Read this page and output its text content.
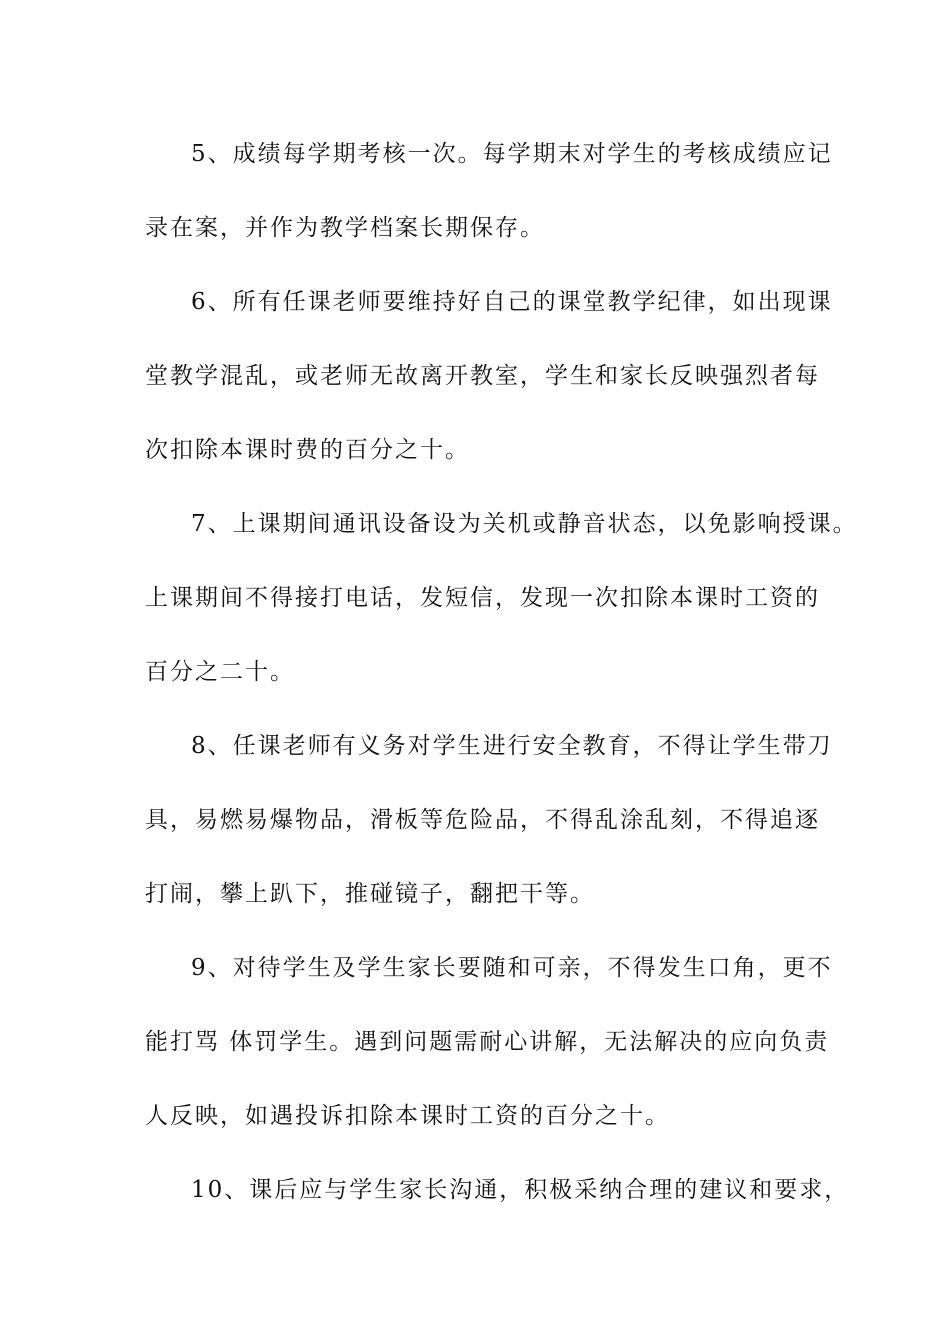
5、成绩每学期考核一次。每学期末对学生的考核成绩应记
录在案，并作为教学档案长期保存。
6、所有任课老师要维持好自己的课堂教学纪律，如出现课
堂教学混乱，或老师无故离开教室，学生和家长反映强烈者每
次扣除本课时费的百分之十。
7、上课期间通讯设备设为关机或静音状态，以免影响授课。
上课期间不得接打电话，发短信，发现一次扣除本课时工资的
百分之二十。
8、任课老师有义务对学生进行安全教育，不得让学生带刀
具，易燃易爆物品，滑板等危险品，不得乱涂乱刻，不得追逐
打闹，攀上趴下，推碰镜子，翻把干等。
9、对待学生及学生家长要随和可亲，不得发生口角，更不
能打骂 体罚学生。遇到问题需耐心讲解，无法解决的应向负责
人反映，如遇投诉扣除本课时工资的百分之十。
10、课后应与学生家长沟通，积极采纳合理的建议和要求，
